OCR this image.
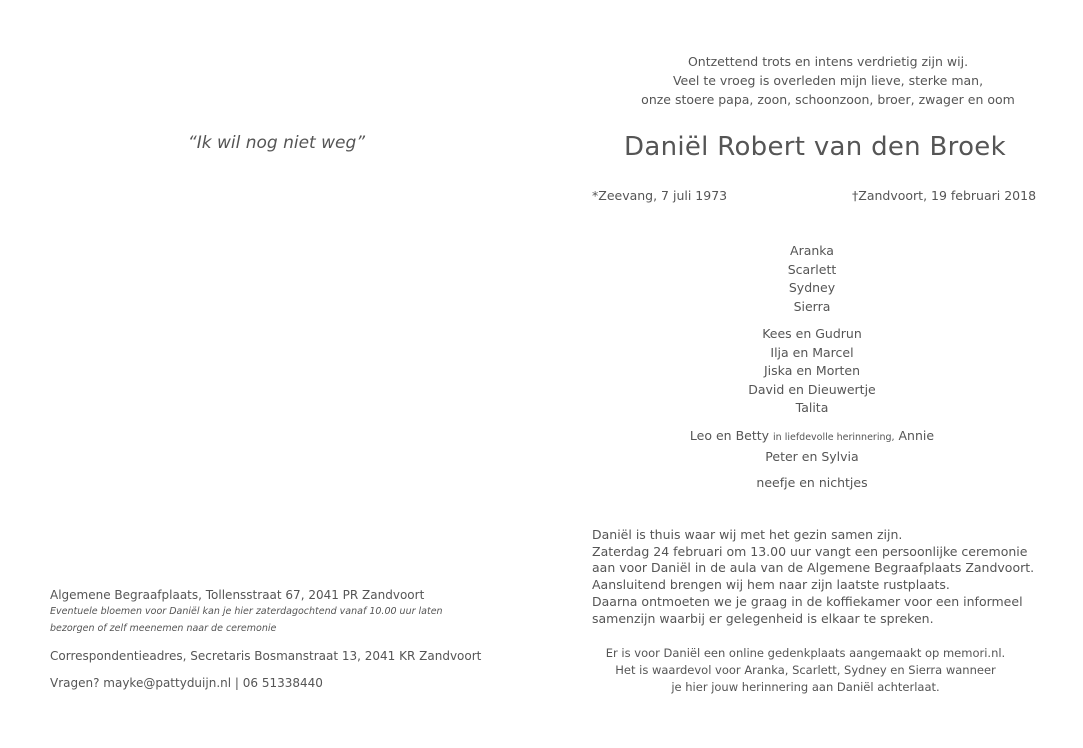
“Ik wil nog niet weg”
Algemene Begraafplaats, Tollensstraat 67, 2041 PR Zandvoort
Eventuele bloemen voor Daniël kan je hier zaterdagochtend vanaf 10.00 uur laten
bezorgen of zelf meenemen naar de ceremonie
Correspondentieadres, Secretaris Bosmanstraat 13, 2041 KR Zandvoort
Vragen? mayke@pattyduijn.nl | 06 51338440
Ontzettend trots en intens verdrietig zijn wij.
Veel te vroeg is overleden mijn lieve, sterke man,
onze stoere papa, zoon, schoonzoon, broer, zwager en oom
Daniël Robert van den Broek
*Zeevang, 7 juli 1973	†Zandvoort, 19 februari 2018
Aranka
Scarlett
Sydney
Sierra
Kees en Gudrun
Ilja en Marcel
Jiska en Morten
David en Dieuwertje
Talita
Leo en Betty in liefdevolle herinnering, Annie
Peter en Sylvia
neefje en nichtjes
Daniël is thuis waar wij met het gezin samen zijn.
Zaterdag 24 februari om 13.00 uur vangt een persoonlijke ceremonie
aan voor Daniël in de aula van de Algemene Begraafplaats Zandvoort.
Aansluitend brengen wij hem naar zijn laatste rustplaats.
Daarna ontmoeten we je graag in de koffiekamer voor een informeel
samenzijn waarbij er gelegenheid is elkaar te spreken.
Er is voor Daniël een online gedenkplaats aangemaakt op memori.nl.
Het is waardevol voor Aranka, Scarlett, Sydney en Sierra wanneer
je hier jouw herinnering aan Daniël achterlaat.
